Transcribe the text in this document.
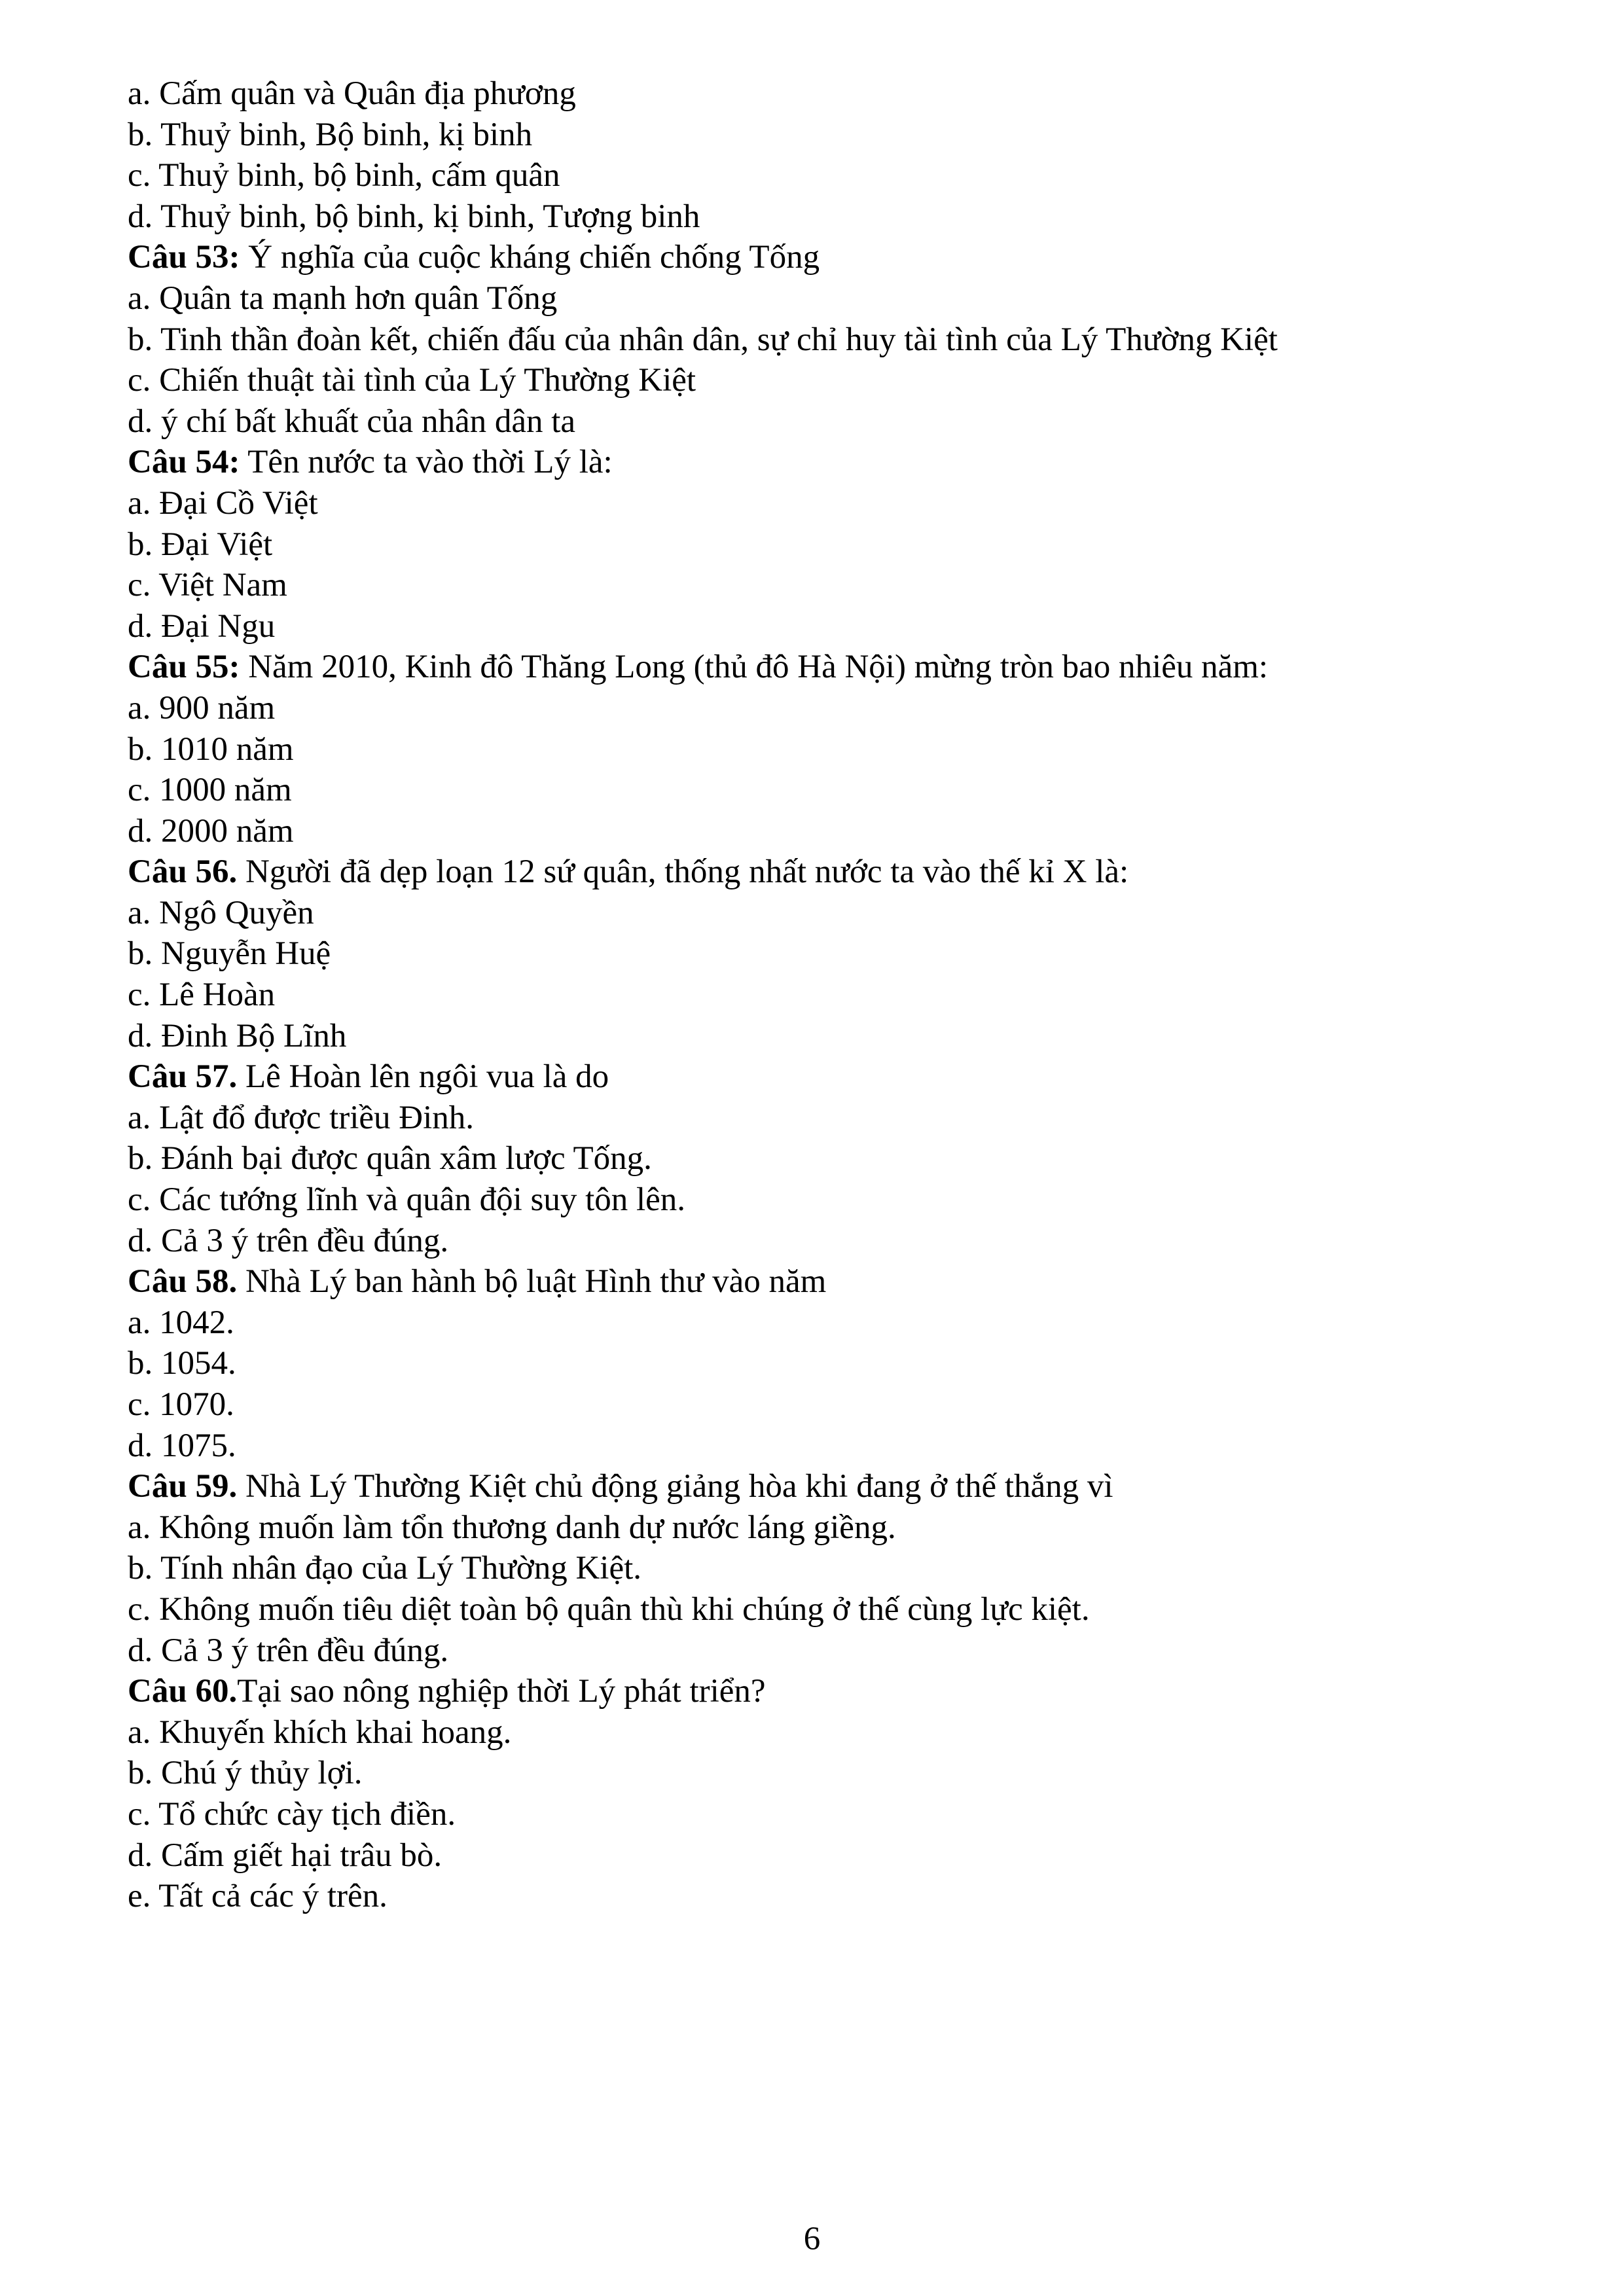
a. Cấm quân và Quân địa phương
b. Thuỷ binh, Bộ binh, kị binh
c. Thuỷ binh, bộ binh, cấm quân
d. Thuỷ binh, bộ binh, kị binh, Tượng binh
Câu 53: Ý nghĩa của cuộc kháng chiến chống Tống
a. Quân ta mạnh hơn quân Tống
b. Tinh thần đoàn kết, chiến đấu của nhân dân, sự chỉ huy tài tình của Lý Thường Kiệt
c. Chiến thuật tài tình của Lý Thường Kiệt
d. ý chí bất khuất của nhân dân ta
Câu 54: Tên nước ta vào thời Lý là:
a. Đại Cồ Việt
b. Đại Việt
c. Việt Nam
d. Đại Ngu
Câu 55: Năm 2010, Kinh đô Thăng Long (thủ đô Hà Nội) mừng tròn bao nhiêu năm:
a. 900 năm
b. 1010 năm
c. 1000 năm
d. 2000 năm
Câu 56. Người đã dẹp loạn 12 sứ quân, thống nhất nước ta vào thế kỉ X là:
a. Ngô Quyền
b. Nguyễn Huệ
c. Lê Hoàn
d. Đinh Bộ Lĩnh
Câu 57. Lê Hoàn lên ngôi vua là do
a. Lật đổ được triều Đinh.
b. Đánh bại được quân xâm lược Tống.
c. Các tướng lĩnh và quân đội suy tôn lên.
d. Cả 3 ý trên đều đúng.
Câu 58. Nhà Lý ban hành bộ luật Hình thư vào năm
a. 1042.
b. 1054.
c. 1070.
d. 1075.
Câu 59. Nhà Lý Thường Kiệt chủ động giảng hòa khi đang ở thế thắng vì
a. Không muốn làm tổn thương danh dự nước láng giềng.
b. Tính nhân đạo của Lý Thường Kiệt.
c. Không muốn tiêu diệt toàn bộ quân thù khi chúng ở thế cùng lực kiệt.
d. Cả 3 ý trên đều đúng.
Câu 60.Tại sao nông nghiệp thời Lý phát triển?
a. Khuyến khích khai hoang.
b. Chú ý thủy lợi.
c. Tổ chức cày tịch điền.
d. Cấm giết hại trâu bò.
e. Tất cả các ý trên.
6
